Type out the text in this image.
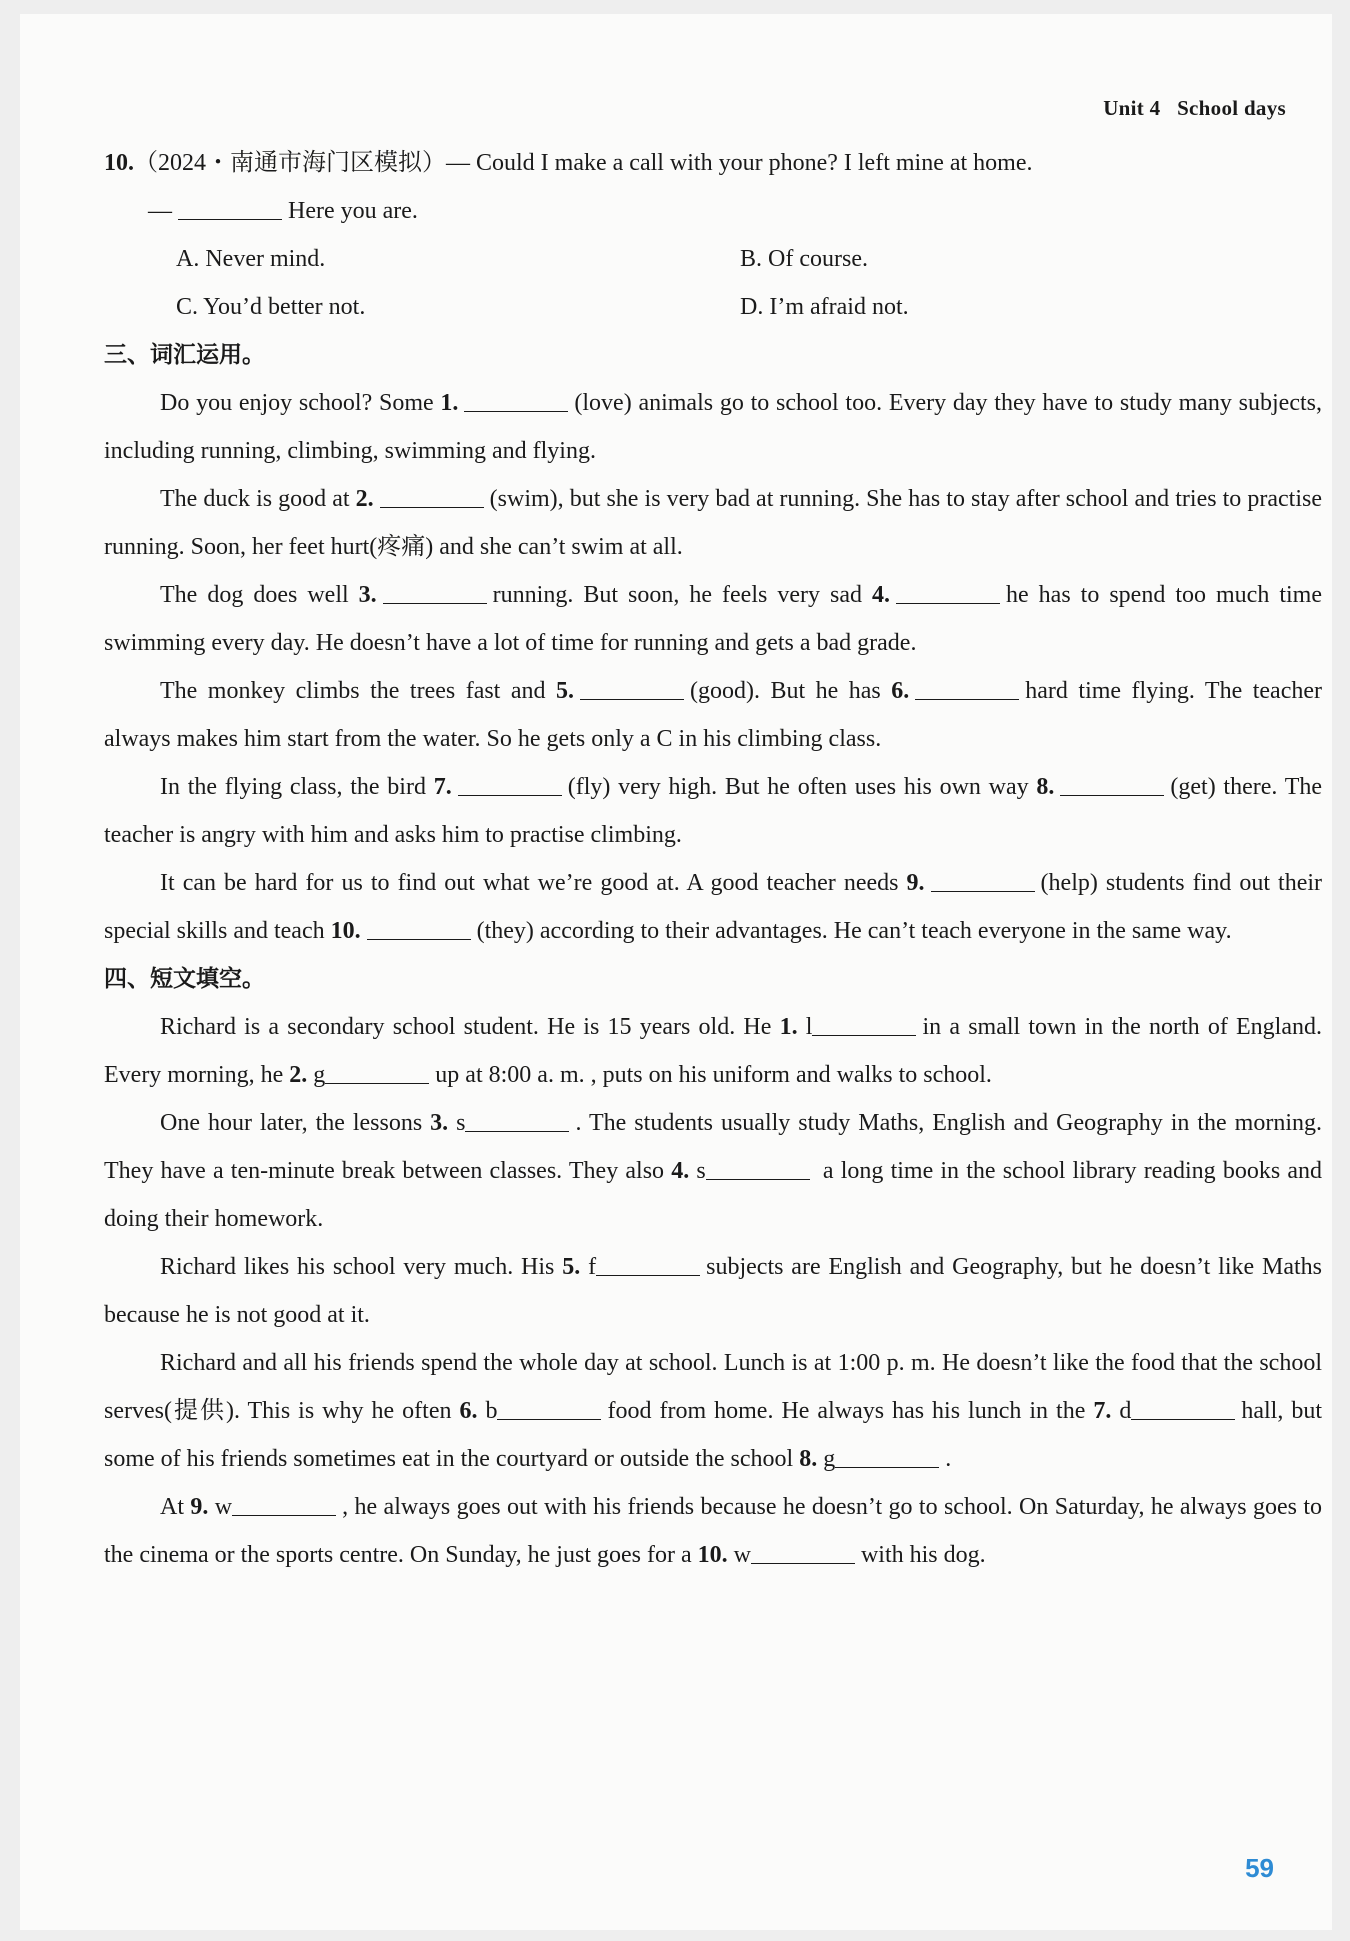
Unit 4 School days

10.（2024・南通市海门区模拟）— Could I make a call with your phone? I left mine at home.

—	Here you are.

A. Never mind.	B. Of course.
C. You’d better not.	D. I’m afraid not.

三、词汇运用。

Do you enjoy school? Some 1.	(love) animals go to school too. Every day they have to study many subjects, including running, climbing, swimming and flying.

The duck is good at 2.	(swim), but she is very bad at running. She has to stay after school and tries to practise running. Soon, her feet hurt(疼痛) and she can’t swim at all.

The dog does well 3.	running. But soon, he feels very sad 4.	he has to spend too much time swimming every day. He doesn’t have a lot of time for running and gets a bad grade.

The monkey climbs the trees fast and 5.	(good). But he has 6.	hard time flying. The teacher always makes him start from the water. So he gets only a C in his climbing class.

In the flying class, the bird 7.	(fly) very high. But he often uses his own way 8.	(get) there. The teacher is angry with him and asks him to practise climbing.

It can be hard for us to find out what we’re good at. A good teacher needs 9.	(help) students find out their special skills and teach 10.	(they) according to their advantages. He can’t teach everyone in the same way.

四、短文填空。

Richard is a secondary school student. He is 15 years old. He 1. l	in a small town in the north of England. Every morning, he 2. g	up at 8:00 a. m. , puts on his uniform and walks to school.

One hour later, the lessons 3. s	. The students usually study Maths, English and Geography in the morning. They have a ten-minute break between classes. They also 4. s	a long time in the school library reading books and doing their homework.

Richard likes his school very much. His 5. f	subjects are English and Geography, but he doesn’t like Maths because he is not good at it.

Richard and all his friends spend the whole day at school. Lunch is at 1:00 p. m. He doesn’t like the food that the school serves(提供). This is why he often 6. b	food from home. He always has his lunch in the 7. d	hall, but some of his friends sometimes eat in the courtyard or outside the school 8. g	.

At 9. w	, he always goes out with his friends because he doesn’t go to school. On Saturday, he always goes to the cinema or the sports centre. On Sunday, he just goes for a 10. w	with his dog.

59
